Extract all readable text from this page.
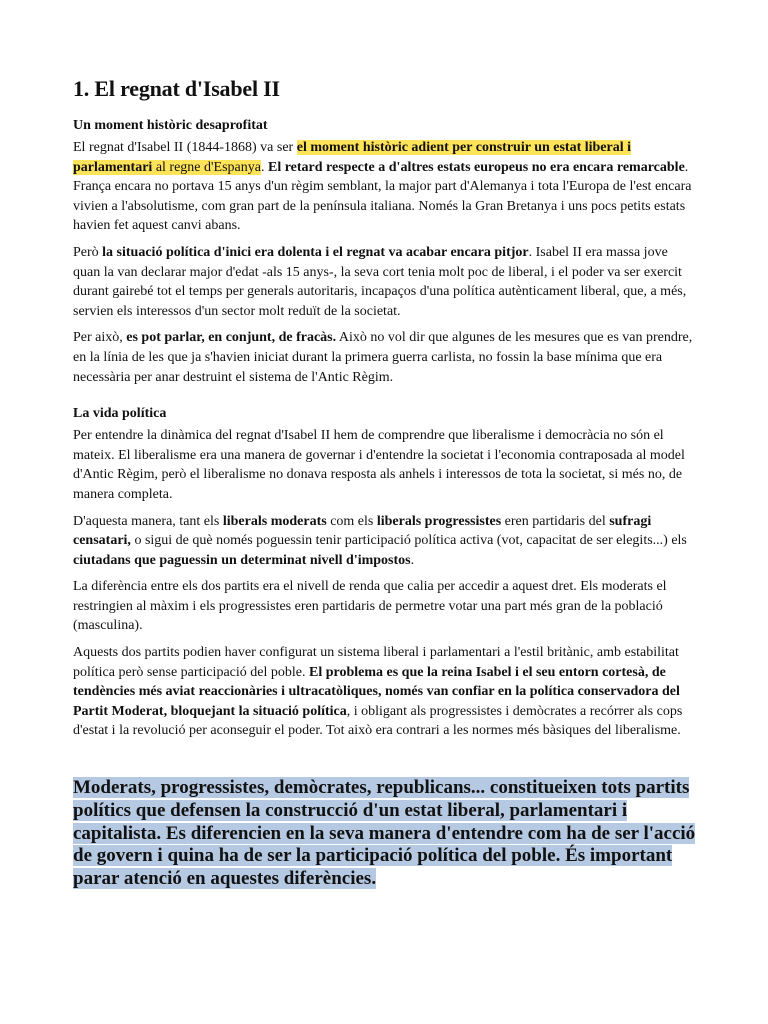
1. El regnat d'Isabel II
Un moment històric desaprofitat

El regnat d'Isabel II (1844-1868) va ser el moment històric adient per construir un estat liberal i parlamentari al regne d'Espanya. El retard respecte a d'altres estats europeus no era encara remarcable. França encara no portava 15 anys d'un règim semblant, la major part d'Alemanya i tota l'Europa de l'est encara vivien a l'absolutisme, com gran part de la península italiana. Només la Gran Bretanya i uns pocs petits estats havien fet aquest canvi abans.

Però la situació política d'inici era dolenta i el regnat va acabar encara pitjor. Isabel II era massa jove quan la van declarar major d'edat -als 15 anys-, la seva cort tenia molt poc de liberal, i el poder va ser exercit durant gairebé tot el temps per generals autoritaris, incapaços d'una política autènticament liberal, que, a més, servien els interessos d'un sector molt reduït de la societat.

Per això, es pot parlar, en conjunt, de fracàs. Això no vol dir que algunes de les mesures que es van prendre, en la línia de les que ja s'havien iniciat durant la primera guerra carlista, no fossin la base mínima que era necessària per anar destruint el sistema de l'Antic Règim.

La vida política

Per entendre la dinàmica del regnat d'Isabel II hem de comprendre que liberalisme i democràcia no són el mateix. El liberalisme era una manera de governar i d'entendre la societat i l'economia contraposada al model d'Antic Règim, però el liberalisme no donava resposta als anhels i interessos de tota la societat, si més no, de manera completa.

D'aquesta manera, tant els liberals moderats com els liberals progressistes eren partidaris del sufragi censatari, o sigui de què només poguessin tenir participació política activa (vot, capacitat de ser elegits...) els ciutadans que paguessin un determinat nivell d'impostos.

La diferència entre els dos partits era el nivell de renda que calia per accedir a aquest dret. Els moderats el restringien al màxim i els progressistes eren partidaris de permetre votar una part més gran de la població (masculina).

Aquests dos partits podien haver configurat un sistema liberal i parlamentari a l'estil britànic, amb estabilitat política però sense participació del poble. El problema es que la reina Isabel i el seu entorn cortesà, de tendències més aviat reaccionàries i ultracatòliques, només van confiar en la política conservadora del Partit Moderat, bloquejant la situació política, i obligant als progressistes i demòcrates a recórrer als cops d'estat i la revolució per aconseguir el poder. Tot això era contrari a les normes més bàsiques del liberalisme.

Moderats, progressistes, demòcrates, republicans... constitueixen tots partits polítics que defensen la construcció d'un estat liberal, parlamentari i capitalista. Es diferencien en la seva manera d'entendre com ha de ser l'acció de govern i quina ha de ser la participació política del poble. És important parar atenció en aquestes diferències.
